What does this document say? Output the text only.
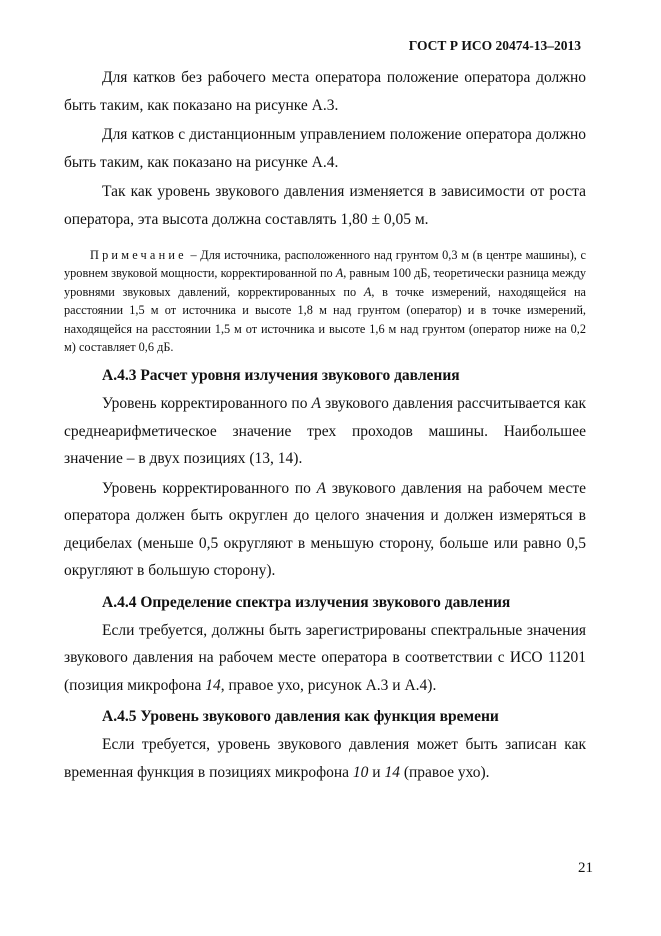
ГОСТ Р ИСО 20474-13–2013

Для катков без рабочего места оператора положение оператора должно быть таким, как показано на рисунке А.3.

Для катков с дистанционным управлением положение оператора должно быть таким, как показано на рисунке А.4.

Так как уровень звукового давления изменяется в зависимости от роста оператора, эта высота должна составлять 1,80 ± 0,05 м.

Примечание – Для источника, расположенного над грунтом 0,3 м (в центре машины), с уровнем звуковой мощности, корректированной по А, равным 100 дБ, теоретически разница между уровнями звуковых давлений, корректированных по А, в точке измерений, находящейся на расстоянии 1,5 м от источника и высоте 1,8 м над грунтом (оператор) и в точке измерений, находящейся на расстоянии 1,5 м от источника и высоте 1,6 м над грунтом (оператор ниже на 0,2 м) составляет 0,6 дБ.
А.4.3 Расчет уровня излучения звукового давления

Уровень корректированного по А звукового давления рассчитывается как среднеарифметическое значение трех проходов машины. Наибольшее значение – в двух позициях (13, 14).

Уровень корректированного по А звукового давления на рабочем месте оператора должен быть округлен до целого значения и должен измеряться в децибелах (меньше 0,5 округляют в меньшую сторону, больше или равно 0,5 округляют в большую сторону).

А.4.4 Определение спектра излучения звукового давления

Если требуется, должны быть зарегистрированы спектральные значения звукового давления на рабочем месте оператора в соответствии с ИСО 11201 (позиция микрофона 14, правое ухо, рисунок А.3 и А.4).

А.4.5 Уровень звукового давления как функция времени

Если требуется, уровень звукового давления может быть записан как временная функция в позициях микрофона 10 и 14 (правое ухо).

21
